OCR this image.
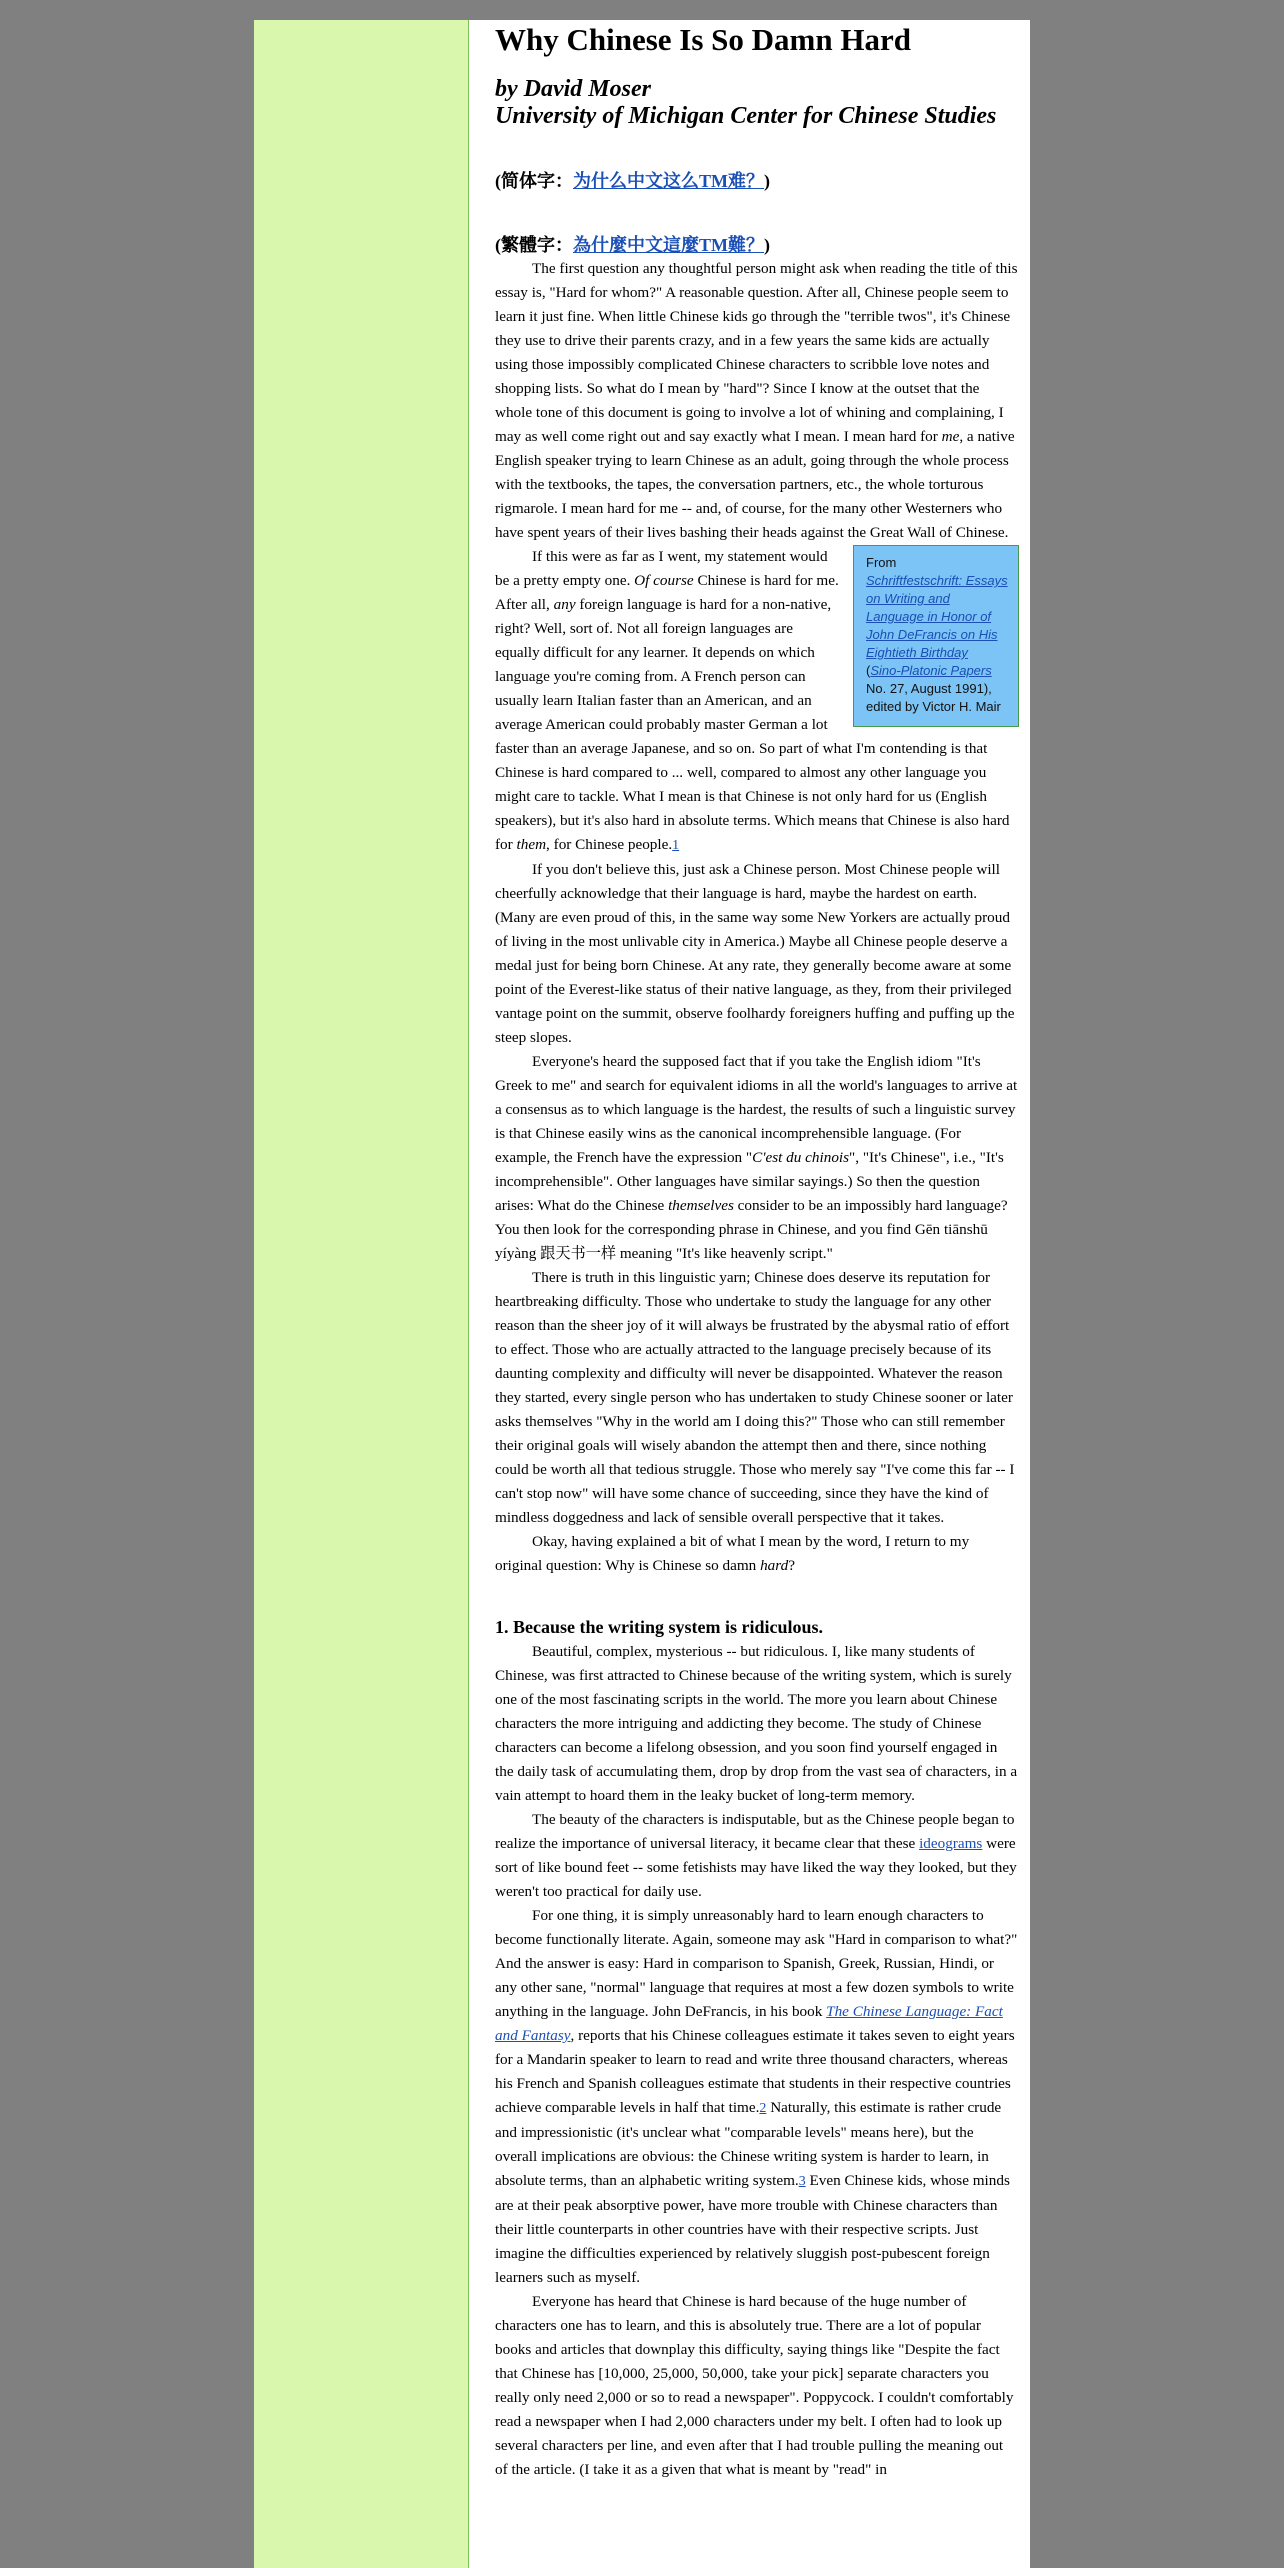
Why Chinese Is So Damn Hard
by David Moser
University of Michigan Center for Chinese Studies
(简体字：为什么中文这么TM难？)
(繁體字：為什麼中文這麼TM難？)

The first question any thoughtful person might ask when reading the title of this essay is, "Hard for whom?" A reasonable question. After all, Chinese people seem to learn it just fine. When little Chinese kids go through the "terrible twos", it's Chinese they use to drive their parents crazy, and in a few years the same kids are actually using those impossibly complicated Chinese characters to scribble love notes and shopping lists. So what do I mean by "hard"? Since I know at the outset that the whole tone of this document is going to involve a lot of whining and complaining, I may as well come right out and say exactly what I mean. I mean hard for me, a native English speaker trying to learn Chinese as an adult, going through the whole process with the textbooks, the tapes, the conversation partners, etc., the whole torturous rigmarole. I mean hard for me -- and, of course, for the many other Westerners who have spent years of their lives bashing their heads against the Great Wall of Chinese.

From
Schriftfestschrift: Essays on Writing and Language in Honor of John DeFrancis on His Eightieth Birthday
(Sino-Platonic Papers No. 27, August 1991), edited by Victor H. Mair

If this were as far as I went, my statement would be a pretty empty one. Of course Chinese is hard for me. After all, any foreign language is hard for a non-native, right? Well, sort of. Not all foreign languages are equally difficult for any learner. It depends on which language you're coming from. A French person can usually learn Italian faster than an American, and an average American could probably master German a lot faster than an average Japanese, and so on. So part of what I'm contending is that Chinese is hard compared to ... well, compared to almost any other language you might care to tackle. What I mean is that Chinese is not only hard for us (English speakers), but it's also hard in absolute terms. Which means that Chinese is also hard for them, for Chinese people.1

If you don't believe this, just ask a Chinese person. Most Chinese people will cheerfully acknowledge that their language is hard, maybe the hardest on earth. (Many are even proud of this, in the same way some New Yorkers are actually proud of living in the most unlivable city in America.) Maybe all Chinese people deserve a medal just for being born Chinese. At any rate, they generally become aware at some point of the Everest-like status of their native language, as they, from their privileged vantage point on the summit, observe foolhardy foreigners huffing and puffing up the steep slopes.

Everyone's heard the supposed fact that if you take the English idiom "It's Greek to me" and search for equivalent idioms in all the world's languages to arrive at a consensus as to which language is the hardest, the results of such a linguistic survey is that Chinese easily wins as the canonical incomprehensible language. (For example, the French have the expression "C'est du chinois", "It's Chinese", i.e., "It's incomprehensible". Other languages have similar sayings.) So then the question arises: What do the Chinese themselves consider to be an impossibly hard language? You then look for the corresponding phrase in Chinese, and you find Gēn tiānshū yíyàng 跟天书一样 meaning "It's like heavenly script."

There is truth in this linguistic yarn; Chinese does deserve its reputation for heartbreaking difficulty. Those who undertake to study the language for any other reason than the sheer joy of it will always be frustrated by the abysmal ratio of effort to effect. Those who are actually attracted to the language precisely because of its daunting complexity and difficulty will never be disappointed. Whatever the reason they started, every single person who has undertaken to study Chinese sooner or later asks themselves "Why in the world am I doing this?" Those who can still remember their original goals will wisely abandon the attempt then and there, since nothing could be worth all that tedious struggle. Those who merely say "I've come this far -- I can't stop now" will have some chance of succeeding, since they have the kind of mindless doggedness and lack of sensible overall perspective that it takes.

Okay, having explained a bit of what I mean by the word, I return to my original question: Why is Chinese so damn hard?

1. Because the writing system is ridiculous.

Beautiful, complex, mysterious -- but ridiculous. I, like many students of Chinese, was first attracted to Chinese because of the writing system, which is surely one of the most fascinating scripts in the world. The more you learn about Chinese characters the more intriguing and addicting they become. The study of Chinese characters can become a lifelong obsession, and you soon find yourself engaged in the daily task of accumulating them, drop by drop from the vast sea of characters, in a vain attempt to hoard them in the leaky bucket of long-term memory.

The beauty of the characters is indisputable, but as the Chinese people began to realize the importance of universal literacy, it became clear that these ideograms were sort of like bound feet -- some fetishists may have liked the way they looked, but they weren't too practical for daily use.

For one thing, it is simply unreasonably hard to learn enough characters to become functionally literate. Again, someone may ask "Hard in comparison to what?" And the answer is easy: Hard in comparison to Spanish, Greek, Russian, Hindi, or any other sane, "normal" language that requires at most a few dozen symbols to write anything in the language. John DeFrancis, in his book The Chinese Language: Fact and Fantasy, reports that his Chinese colleagues estimate it takes seven to eight years for a Mandarin speaker to learn to read and write three thousand characters, whereas his French and Spanish colleagues estimate that students in their respective countries achieve comparable levels in half that time.2 Naturally, this estimate is rather crude and impressionistic (it's unclear what "comparable levels" means here), but the overall implications are obvious: the Chinese writing system is harder to learn, in absolute terms, than an alphabetic writing system.3 Even Chinese kids, whose minds are at their peak absorptive power, have more trouble with Chinese characters than their little counterparts in other countries have with their respective scripts. Just imagine the difficulties experienced by relatively sluggish post-pubescent foreign learners such as myself.

Everyone has heard that Chinese is hard because of the huge number of characters one has to learn, and this is absolutely true. There are a lot of popular books and articles that downplay this difficulty, saying things like "Despite the fact that Chinese has [10,000, 25,000, 50,000, take your pick] separate characters you really only need 2,000 or so to read a newspaper". Poppycock. I couldn't comfortably read a newspaper when I had 2,000 characters under my belt. I often had to look up several characters per line, and even after that I had trouble pulling the meaning out of the article. (I take it as a given that what is meant by "read" in
